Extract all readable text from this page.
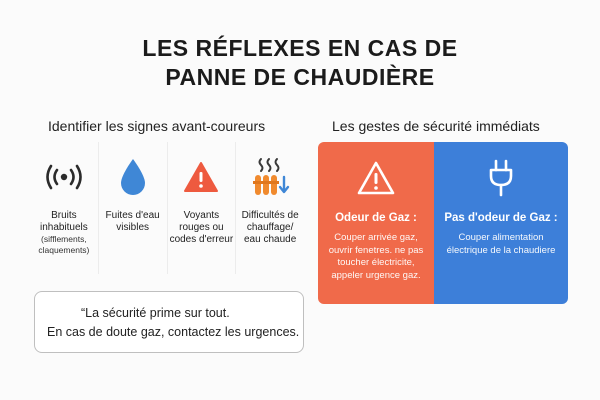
LES RÉFLEXES EN CAS DE
PANNE DE CHAUDIÈRE
Identifier les signes avant-coureurs	Les gestes de sécurité immédiats
Bruits inhabituels
(sifflements, claquements)
Fuites d'eau visibles
Voyants rouges ou codes d'erreur
Difficultés de chauffage/ eau chaude
“La sécurité prime sur tout.
En cas de doute gaz, contactez les urgences.
Odeur de Gaz :
Couper arrivée gaz, ouvrir fenetres. ne pas toucher électricite, appeler urgence gaz.
Pas d'odeur de Gaz :
Couper alimentation électrique de la chaudiere
